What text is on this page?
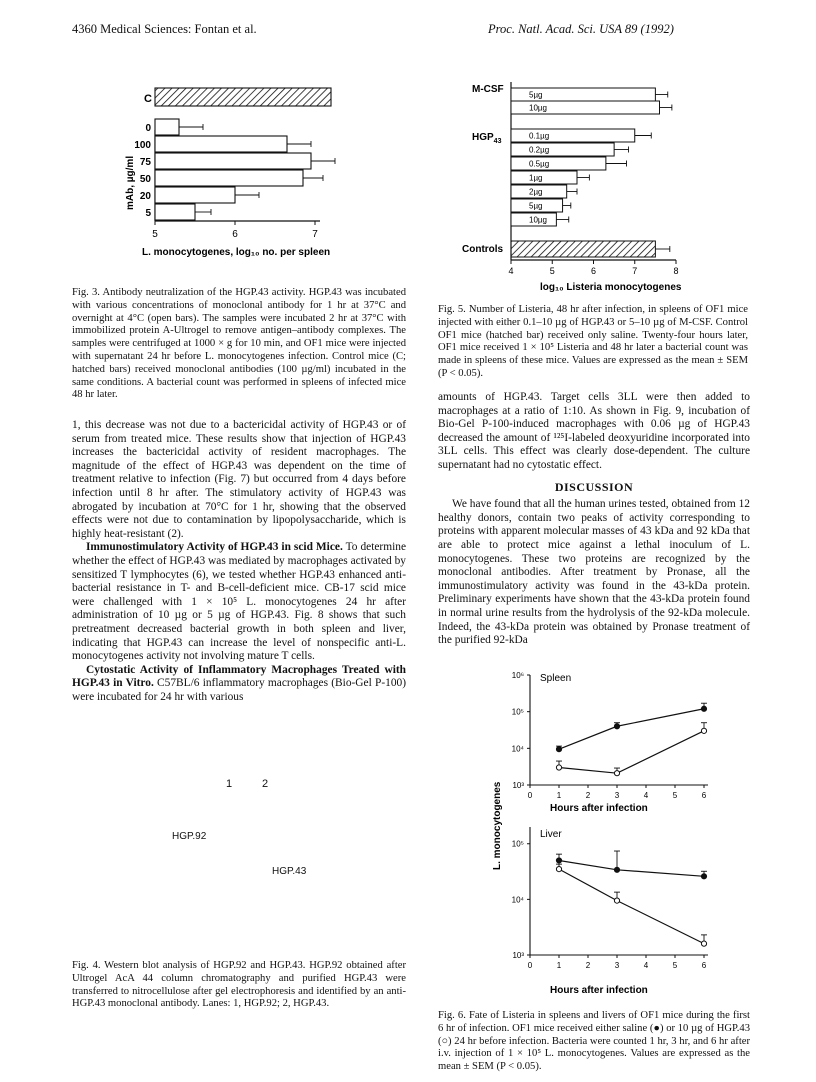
4360 Medical Sciences: Fontan et al.	Proc. Natl. Acad. Sci. USA 89 (1992)
C
mAb, µg/ml
L. monocytogenes, log₁₀ no. per spleen
0
100
75
50
20
5
5	6	7

Fig. 3. Antibody neutralization of the HGP.43 activity. HGP.43 was incubated with various concentrations of monoclonal antibody for 1 hr at 37°C and overnight at 4°C (open bars). The samples were incubated 2 hr at 37°C with immobilized protein A-Ultrogel to remove antigen–antibody complexes. The samples were centrifuged at 1000 × g for 10 min, and OF1 mice were injected with supernatant 24 hr before L. monocytogenes infection. Control mice (C; hatched bars) received monoclonal antibodies (100 µg/ml) incubated in the same conditions. A bacterial count was performed in spleens of infected mice 48 hr later.

1, this decrease was not due to a bactericidal activity of HGP.43 or of serum from treated mice. These results show that injection of HGP.43 increases the bactericidal activity of resident macrophages. The magnitude of the effect of HGP.43 was dependent on the time of treatment relative to infection (Fig. 7) but occurred from 4 days before infection until 8 hr after. The stimulatory activity of HGP.43 was abrogated by incubation at 70°C for 1 hr, showing that the observed effects were not due to contamination by lipopolysaccharide, which is highly heat-resistant (2).

Immunostimulatory Activity of HGP.43 in scid Mice. To determine whether the effect of HGP.43 was mediated by macrophages activated by sensitized T lymphocytes (6), we tested whether HGP.43 enhanced anti-bacterial resistance in T- and B-cell-deficient mice. CB-17 scid mice were challenged with 1 × 10⁵ L. monocytogenes 24 hr after administration of 10 µg or 5 µg of HGP.43. Fig. 8 shows that such pretreatment decreased bacterial growth in both spleen and liver, indicating that HGP.43 can increase the level of nonspecific anti-L. monocytogenes activity not involving mature T cells.

Cytostatic Activity of Inflammatory Macrophages Treated with HGP.43 in Vitro. C57BL/6 inflammatory macrophages (Bio-Gel P-100) were incubated for 24 hr with various

1	2
HGP.92
HGP.43

Fig. 4. Western blot analysis of HGP.92 and HGP.43. HGP.92 obtained after Ultrogel AcA 44 column chromatography and purified HGP.43 were transferred to nitrocellulose after gel electrophoresis and identified by an anti-HGP.43 monoclonal antibody. Lanes: 1, HGP.92; 2, HGP.43.

M-CSF
$HGP_{43}$
Controls
log₁₀ Listeria monocytogenes
5µg
10µg
0.1µg
0.2µg
0.5µg
1µg
2µg
5µg
10µg
4	5	6	7	8

Fig. 5. Number of Listeria, 48 hr after infection, in spleens of OF1 mice injected with either 0.1–10 µg of HGP.43 or 5–10 µg of M-CSF. Control OF1 mice (hatched bar) received only saline. Twenty-four hours later, OF1 mice received 1 × 10⁵ Listeria and 48 hr later a bacterial count was made in spleens of these mice. Values are expressed as the mean ± SEM (P < 0.05).

amounts of HGP.43. Target cells 3LL were then added to macrophages at a ratio of 1:10. As shown in Fig. 9, incubation of Bio-Gel P-100-induced macrophages with 0.06 µg of HGP.43 decreased the amount of ¹²⁵I-labeled deoxyuridine incorporated into 3LL cells. This effect was clearly dose-dependent. The culture supernatant had no cytostatic effect.

DISCUSSION

We have found that all the human urines tested, obtained from 12 healthy donors, contain two peaks of activity corresponding to proteins with apparent molecular masses of 43 kDa and 92 kDa that are able to protect mice against a lethal inoculum of L. monocytogenes. These two proteins are recognized by the monoclonal antibodies. After treatment by Pronase, all the immunostimulatory activity was found in the 43-kDa protein. Preliminary experiments have shown that the 43-kDa protein found in normal urine results from the hydrolysis of the 92-kDa molecule. Indeed, the 43-kDa protein was obtained by Pronase treatment of the purified 92-kDa

L. monocytogenes
Spleen
Liver
Hours after infection
Hours after infection
10³
10⁴
10⁵
10⁶
0	1	2	3	4	5	6
10³
10⁴
10⁵
0	1	2	3	4	5	6

Fig. 6. Fate of Listeria in spleens and livers of OF1 mice during the first 6 hr of infection. OF1 mice received either saline (●) or 10 µg of HGP.43 (○) 24 hr before infection. Bacteria were counted 1 hr, 3 hr, and 6 hr after i.v. injection of 1 × 10⁵ L. monocytogenes. Values are expressed as the mean ± SEM (P < 0.05).
